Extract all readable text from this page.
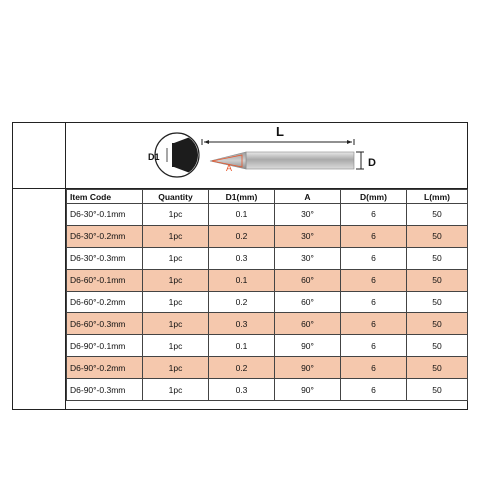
L
A	D
D1
Item Code	Quantity	D1(mm)	A	D(mm)	L(mm)
D6-30°-0.1mm	1pc	0.1	30°	6	50
D6-30°-0.2mm	1pc	0.2	30°	6	50
D6-30°-0.3mm	1pc	0.3	30°	6	50
D6-60°-0.1mm	1pc	0.1	60°	6	50
D6-60°-0.2mm	1pc	0.2	60°	6	50
D6-60°-0.3mm	1pc	0.3	60°	6	50
D6-90°-0.1mm	1pc	0.1	90°	6	50
D6-90°-0.2mm	1pc	0.2	90°	6	50
D6-90°-0.3mm	1pc	0.3	90°	6	50
